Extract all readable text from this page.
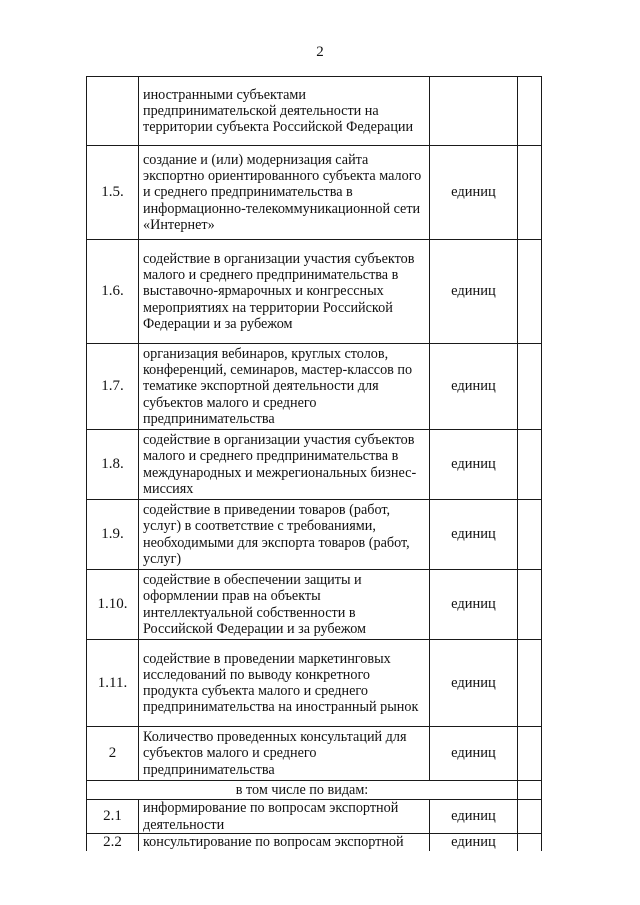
2
	иностранными субъектами предпринимательской деятельности на территории субъекта Российской Федерации		
1.5.	создание и (или) модернизация сайта экспортно ориентированного субъекта малого и среднего предпринимательства в информационно-телекоммуникационной сети «Интернет»	единиц	
1.6.	содействие в организации участия субъектов малого и среднего предпринимательства в выставочно-ярмарочных и конгрессных мероприятиях на территории Российской Федерации и за рубежом	единиц	
1.7.	организация вебинаров, круглых столов, конференций, семинаров, мастер-классов по тематике экспортной деятельности для субъектов малого и среднего предпринимательства	единиц	
1.8.	содействие в организации участия субъектов малого и среднего предпринимательства в международных и межрегиональных бизнес-миссиях	единиц	
1.9.	содействие в приведении товаров (работ, услуг) в соответствие с требованиями, необходимыми для экспорта товаров (работ, услуг)	единиц	
1.10.	содействие в обеспечении защиты и оформлении прав на объекты интеллектуальной собственности в Российской Федерации и за рубежом	единиц	
1.11.	содействие в проведении маркетинговых исследований по выводу конкретного продукта субъекта малого и среднего предпринимательства на иностранный рынок	единиц	
2	Количество проведенных консультаций для субъектов малого и среднего предпринимательства	единиц	
в том числе по видам:			
2.1	информирование по вопросам экспортной деятельности	единиц	
2.2	консультирование по вопросам экспортной	единиц	
